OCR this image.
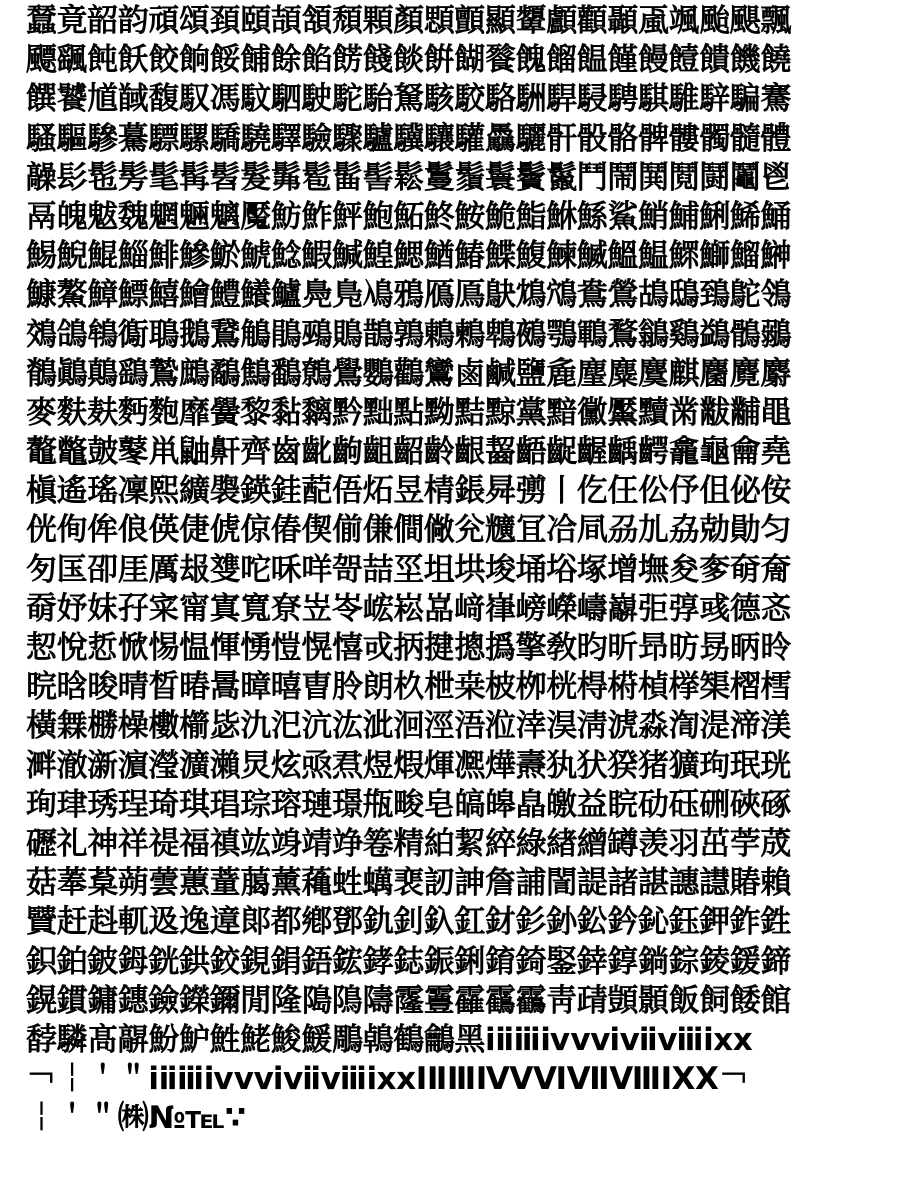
蠺竟韶韵頑頌頚頤頡頷頹顆顏顋顫顯顰顱顴顳颪颯颱颶飄
飃颻飩飫餃餉餒餔餘餡餝餞餤餠餬餮餽餾饂饉饅饐饋饑饒
饌饕馗馘馥馭馮馼駟駛駝駘駑駭駮駱駲駻駸騁騏騅騂騙騫
騷驅驂驀驃騾驕驍驛驗驟驢驥驤驩驫驪骭骰骼髀髏髑髓體
髞髟髢髣髦髯髫髮髴髱髷髻鬆鬘鬚鬟鬢鬣鬥鬧鬨鬩鬪鬮鬯
鬲魄魃魏魍魎魑魘魴鮓鮃鮑鮖鮗鮟鮠鮨鮴鯀鯊鮹鯆鯏鯑鯒
鯣鯢鯤鯔鯡鰺鯲鯱鯰鰕鰔鰉鰓鰌鰆鰈鰒鰊鰄鰮鰛鰥鰤鰡鰰
鱇鰲鱆鰾鱚鱠鱧鱶鱸鳧鳬鳰鴉鴈鳫鴃鴆鴪鴦鶯鴣鴟鵄鴕鴒
鵁鴿鴾鵆鵈鵝鵞鵤鵑鵐鵙鵲鶉鶇鶫鵯鵺鶚鶤鶩鶲鷄鷁鶻鶸
鶺鷆鷏鷂鷙鷓鷸鷦鷭鷯鷽鸚鸛鸞鹵鹹鹽麁麈麋麌麒麕麑麝
麥麩麸麪麭靡黌黎黏黐黔黜點黝黠黥黨黯黴黶黷黹黻黼黽
鼇鼈皷鼕鼡鼬鼾齊齒齔齣齟齠齡齦齧齬齪齷齲齶龕龜龠堯
槇遙瑤凜熙纊褜鍈銈蓜俉炻昱棈鋹曻彅丨仡仼伀伃伹佖侒
侊侚侔俍偀倢俿倞偆偰偂傔僴僘兊兤冝冾凬刕劜劦勀勛匀
匇匤卲厓厲叝﨎咜咊咩哿喆坙坥垬埈埇﨏塚增墲夋奓奛奝
奣妤妺孖寀甯寘寬尞岦岺峵崧嵓﨑嵂嵭嶸嶹巐弡弴彧德忞
恝悅悊惞惕愠惲愑愷愰憘戓抦揵摠撝擎敎昀昕昻昉昮昞昤
晥晗晙晴晳暙暠暲暿曺朎朗杦枻桒柀栁桄棏﨓楨﨔榘槢樰
橫橆橳橾櫢櫤毖氿汜沆汯泚洄涇浯涖涬淏淸淲淼渹湜渧渼
溿澈澵濵瀅瀇瀨炅炫焏焄煜煆煇凞燁燾犱犾猤猪獷玽珉珖
珣珒琇珵琦琪琩琮瑢璉璟甁畯皂皜皞皛皦益睆劯砡硎硤硺
礰礼神祥禔福禛竑竧靖竫箞精絈絜綷綠緖繒罇羡羽茁荢荿
菇菶葈蒴蕓蕙蕫﨟薰蘒﨡蠇裵訒訷詹誧誾諟諸諶譓譿賰賴
贒赶﨣軏﨤逸遧郞都鄕鄧釚釗釞釭釮釤釥鈆鈐鈊鈺鉀鈼鉎
鉙鉑鈹鉧銧鉷鉸鋧鋗鋙鋐﨧鋕鋠鋓錥錡鋻﨨錞鋿錝錂鍰鍗
鎤鏆鏞鏸鐱鑅鑈閒隆﨩隝隯霳霻靃靍靏靑靕顗顥飯飼餧館
馞驎髙髜魵魲鮏鮱鮻鰀鵰鵫鶴鸙黑ⅰⅱⅲⅳⅴⅵⅶⅷⅸⅹ
￢￤＇＂ⅰⅱⅲⅳⅴⅵⅶⅷⅸⅹⅠⅡⅢⅣⅤⅥⅦⅧⅨⅩ￢
￤＇＂㈱№℡∵
